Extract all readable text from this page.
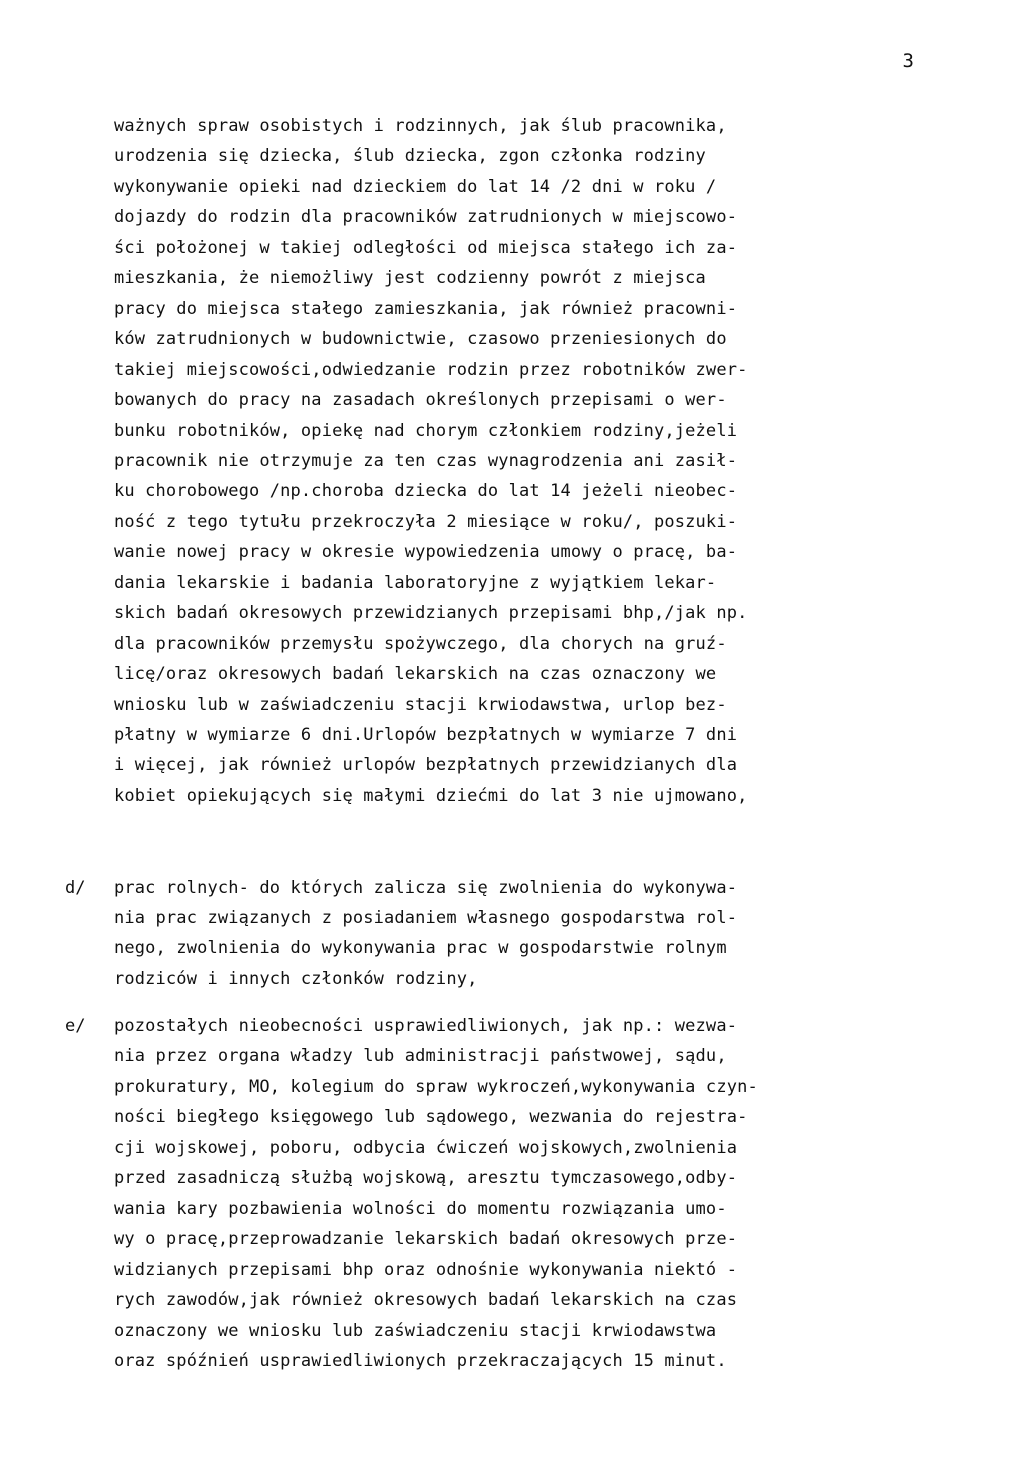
3
ważnych spraw osobistych i rodzinnych, jak ślub pracownika,
urodzenia się dziecka, ślub dziecka, zgon członka rodziny
wykonywanie opieki nad dzieckiem do lat 14 /2 dni w roku /
dojazdy do rodzin dla pracowników zatrudnionych w miejscowo-
ści położonej w takiej odległości od miejsca stałego ich za-
mieszkania, że niemożliwy jest codzienny powrót z miejsca
pracy do miejsca stałego zamieszkania, jak również pracowni-
ków zatrudnionych w budownictwie, czasowo przeniesionych do
takiej miejscowości,odwiedzanie rodzin przez robotników zwer-
bowanych do pracy na zasadach określonych przepisami o wer-
bunku robotników, opiekę nad chorym członkiem rodziny,jeżeli
pracownik nie otrzymuje za ten czas wynagrodzenia ani zasił-
ku chorobowego /np.choroba dziecka do lat 14 jeżeli nieobec-
ność z tego tytułu przekroczyła 2 miesiące w roku/, poszuki-
wanie nowej pracy w okresie wypowiedzenia umowy o pracę, ba-
dania lekarskie i badania laboratoryjne z wyjątkiem lekar-
skich badań okresowych przewidzianych przepisami bhp,/jak np.
dla pracowników przemysłu spożywczego, dla chorych na gruź-
licę/oraz okresowych badań lekarskich na czas oznaczony we
wniosku lub w zaświadczeniu stacji krwiodawstwa, urlop bez-
płatny w wymiarze 6 dni.Urlopów bezpłatnych w wymiarze 7 dni
i więcej, jak również urlopów bezpłatnych przewidzianych dla
kobiet opiekujących się małymi dziećmi do lat 3 nie ujmowano,
d/ prac rolnych- do których zalicza się zwolnienia do wykonywa-
nia prac związanych z posiadaniem własnego gospodarstwa rol-
nego, zwolnienia do wykonywania prac w gospodarstwie rolnym
rodziców i innych członków rodziny,
e/ pozostałych nieobecności usprawiedliwionych, jak np.: wezwa-
nia przez organa władzy lub administracji państwowej, sądu,
prokuratury, MO, kolegium do spraw wykroczeń,wykonywania czyn-
ności biegłego księgowego lub sądowego, wezwania do rejestra-
cji wojskowej, poboru, odbycia ćwiczeń wojskowych,zwolnienia
przed zasadniczą służbą wojskową, aresztu tymczasowego,odby-
wania kary pozbawienia wolności do momentu rozwiązania umo-
wy o pracę,przeprowadzanie lekarskich badań okresowych prze-
widzianych przepisami bhp oraz odnośnie wykonywania niektó -
rych zawodów,jak również okresowych badań lekarskich na czas
oznaczony we wniosku lub zaświadczeniu stacji krwiodawstwa
oraz spóźnień usprawiedliwionych przekraczających 15 minut.
